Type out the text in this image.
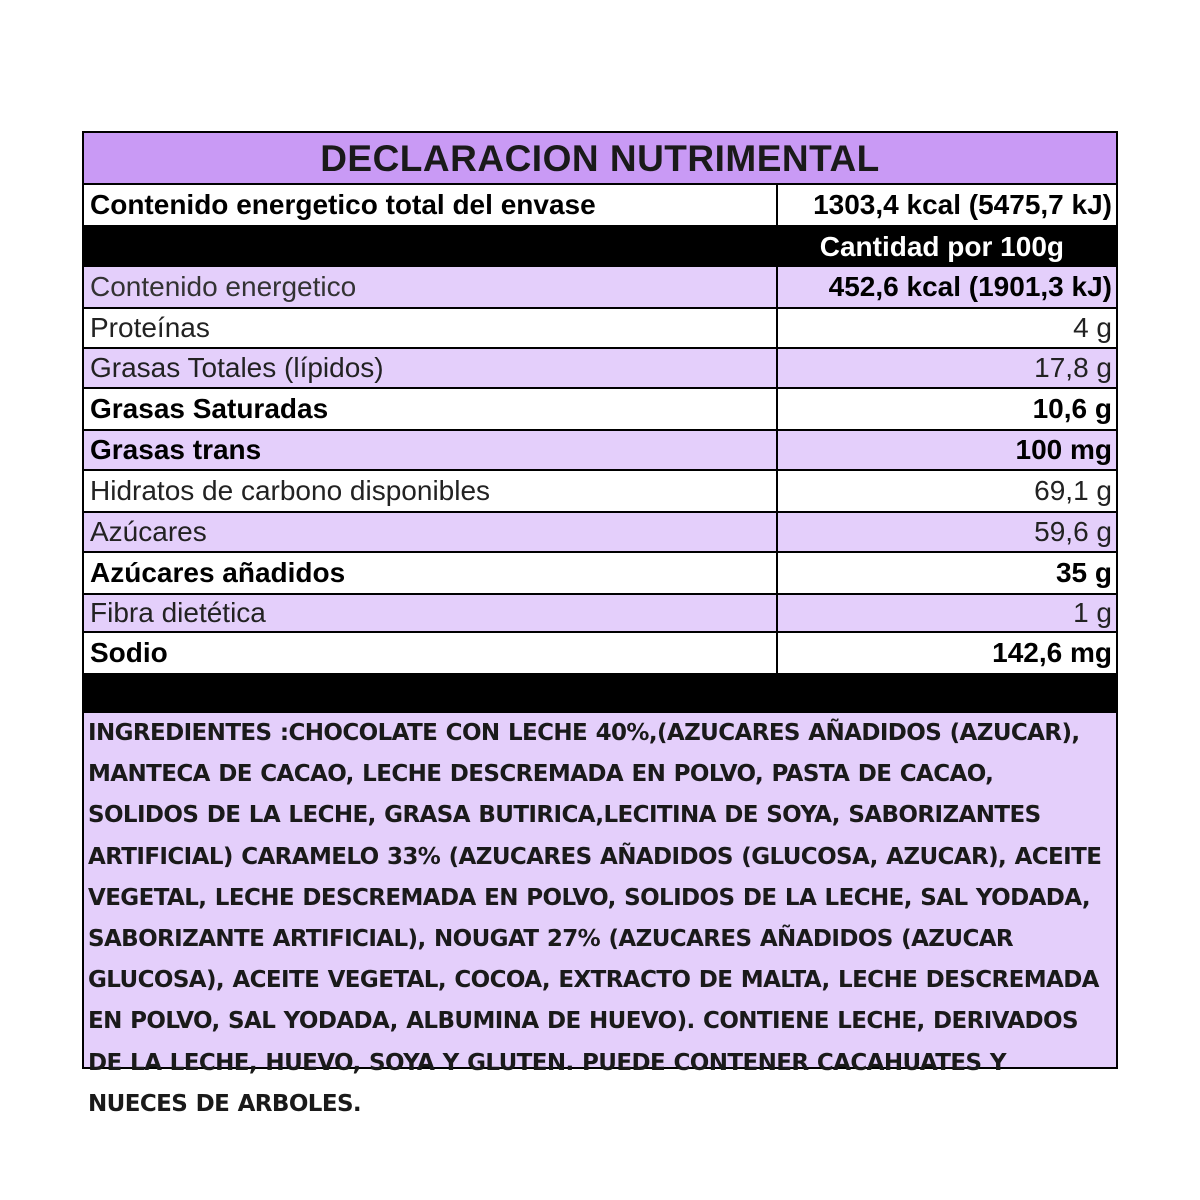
DECLARACION NUTRIMENTAL
Contenido energetico total del envase	1303,4 kcal (5475,7 kJ)
Cantidad por 100g
Contenido energetico	452,6 kcal (1901,3 kJ)
Proteínas	4 g
Grasas Totales (lípidos)	17,8 g
Grasas Saturadas	10,6 g
Grasas trans	100 mg
Hidratos de carbono disponibles	69,1 g
Azúcares	59,6 g
Azúcares añadidos	35 g
Fibra dietética	1 g
Sodio	142,6 mg
INGREDIENTES :CHOCOLATE CON LECHE 40%,(AZUCARES AÑADIDOS (AZUCAR), MANTECA DE CACAO, LECHE DESCREMADA EN POLVO, PASTA DE CACAO, SOLIDOS DE LA LECHE, GRASA BUTIRICA,LECITINA DE SOYA, SABORIZANTES ARTIFICIAL) CARAMELO 33% (AZUCARES AÑADIDOS (GLUCOSA, AZUCAR), ACEITE VEGETAL, LECHE DESCREMADA EN POLVO, SOLIDOS DE LA LECHE, SAL YODADA, SABORIZANTE ARTIFICIAL), NOUGAT 27% (AZUCARES AÑADIDOS (AZUCAR GLUCOSA), ACEITE VEGETAL, COCOA, EXTRACTO DE MALTA, LECHE DESCREMADA EN POLVO, SAL YODADA, ALBUMINA DE HUEVO). CONTIENE LECHE, DERIVADOS DE LA LECHE, HUEVO, SOYA Y GLUTEN. PUEDE CONTENER CACAHUATES Y NUECES DE ARBOLES.
